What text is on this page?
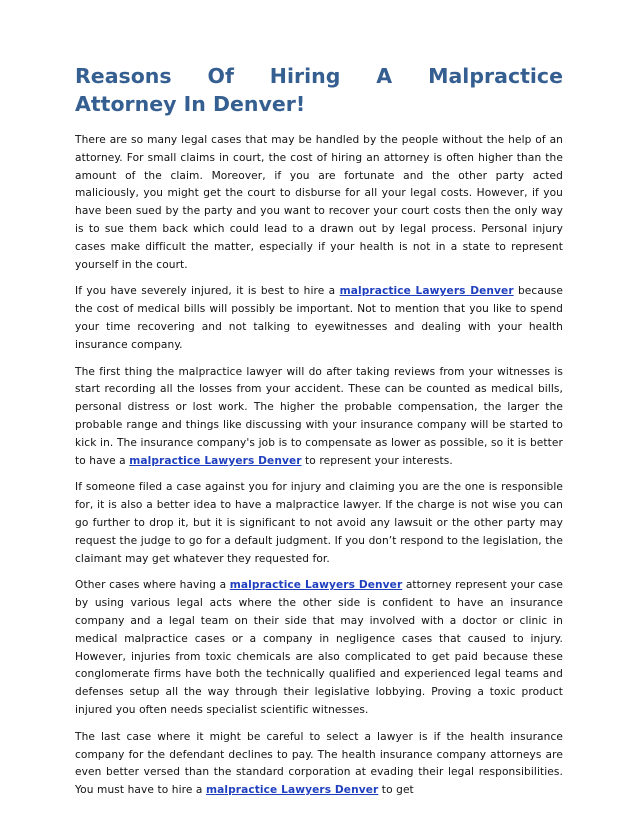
Reasons Of Hiring A Malpractice
Attorney In Denver!

There are so many legal cases that may be handled by the people without the help of an attorney. For small claims in court, the cost of hiring an attorney is often higher than the amount of the claim. Moreover, if you are fortunate and the other party acted maliciously, you might get the court to disburse for all your legal costs. However, if you have been sued by the party and you want to recover your court costs then the only way is to sue them back which could lead to a drawn out by legal process. Personal injury cases make difficult the matter, especially if your health is not in a state to represent yourself in the court.

If you have severely injured, it is best to hire a malpractice Lawyers Denver because the cost of medical bills will possibly be important. Not to mention that you like to spend your time recovering and not talking to eyewitnesses and dealing with your health insurance company.

The first thing the malpractice lawyer will do after taking reviews from your witnesses is start recording all the losses from your accident. These can be counted as medical bills, personal distress or lost work. The higher the probable compensation, the larger the probable range and things like discussing with your insurance company will be started to kick in. The insurance company's job is to compensate as lower as possible, so it is better to have a malpractice Lawyers Denver to represent your interests.

If someone filed a case against you for injury and claiming you are the one is responsible for, it is also a better idea to have a malpractice lawyer. If the charge is not wise you can go further to drop it, but it is significant to not avoid any lawsuit or the other party may request the judge to go for a default judgment. If you don’t respond to the legislation, the claimant may get whatever they requested for.

Other cases where having a malpractice Lawyers Denver attorney represent your case by using various legal acts where the other side is confident to have an insurance company and a legal team on their side that may involved with a doctor or clinic in medical malpractice cases or a company in negligence cases that caused to injury. However, injuries from toxic chemicals are also complicated to get paid because these conglomerate firms have both the technically qualified and experienced legal teams and defenses setup all the way through their legislative lobbying. Proving a toxic product injured you often needs specialist scientific witnesses.

The last case where it might be careful to select a lawyer is if the health insurance company for the defendant declines to pay. The health insurance company attorneys are even better versed than the standard corporation at evading their legal responsibilities. You must have to hire a malpractice Lawyers Denver to get
